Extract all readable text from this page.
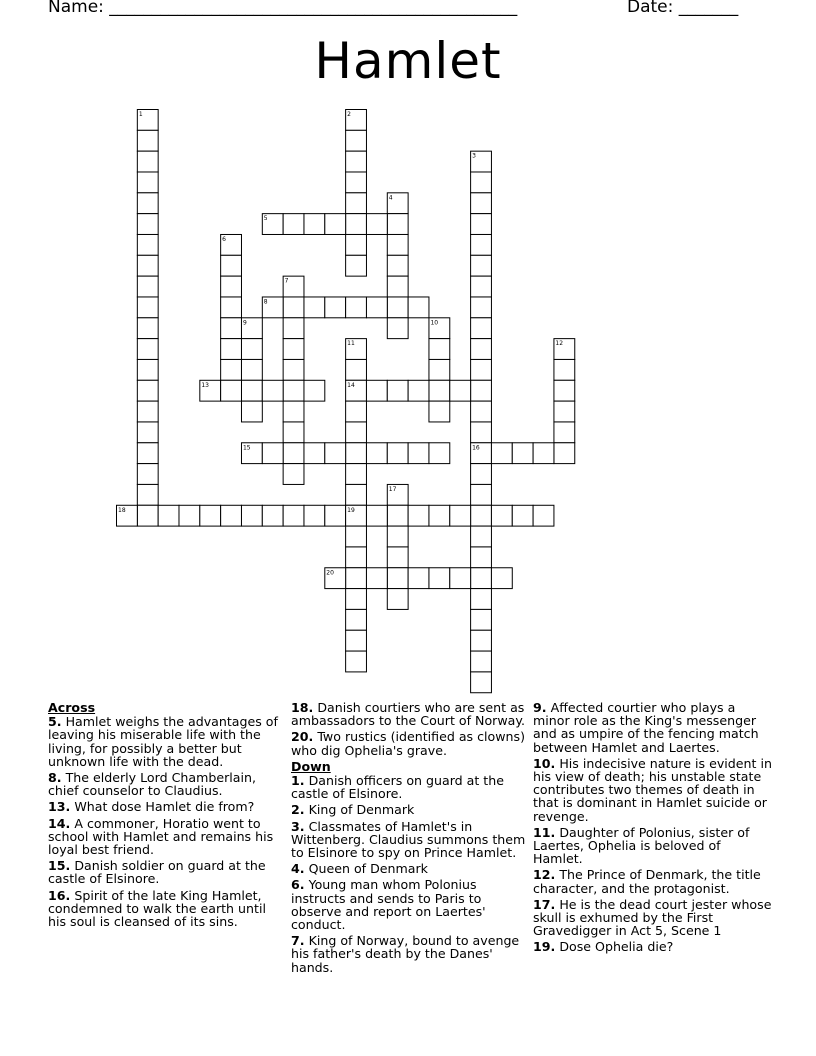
Name: ________________________________________________	Date: _______
Hamlet
1	2
3
4
5
6
7
8
9	10
11	12
13	14
15	16
17
18	19
20
Across

5. Hamlet weighs the advantages of leaving his miserable life with the living, for possibly a better but unknown life with the dead.

8. The elderly Lord Chamberlain, chief counselor to Claudius.

13. What dose Hamlet die from?

14. A commoner, Horatio went to school with Hamlet and remains his loyal best friend.

15. Danish soldier on guard at the castle of Elsinore.

16. Spirit of the late King Hamlet, condemned to walk the earth until his soul is cleansed of its sins.

18. Danish courtiers who are sent as ambassadors to the Court of Norway.

20. Two rustics (identified as clowns) who dig Ophelia's grave.

Down

1. Danish officers on guard at the castle of Elsinore.

2. King of Denmark

3. Classmates of Hamlet's in Wittenberg. Claudius summons them to Elsinore to spy on Prince Hamlet.

4. Queen of Denmark

6. Young man whom Polonius instructs and sends to Paris to observe and report on Laertes' conduct.

7. King of Norway, bound to avenge his father's death by the Danes' hands.

9. Affected courtier who plays a minor role as the King's messenger and as umpire of the fencing match between Hamlet and Laertes.

10. His indecisive nature is evident in his view of death; his unstable state contributes two themes of death in that is dominant in Hamlet suicide or revenge.

11. Daughter of Polonius, sister of Laertes, Ophelia is beloved of Hamlet.

12. The Prince of Denmark, the title character, and the protagonist.

17. He is the dead court jester whose skull is exhumed by the First Gravedigger in Act 5, Scene 1

19. Dose Ophelia die?
